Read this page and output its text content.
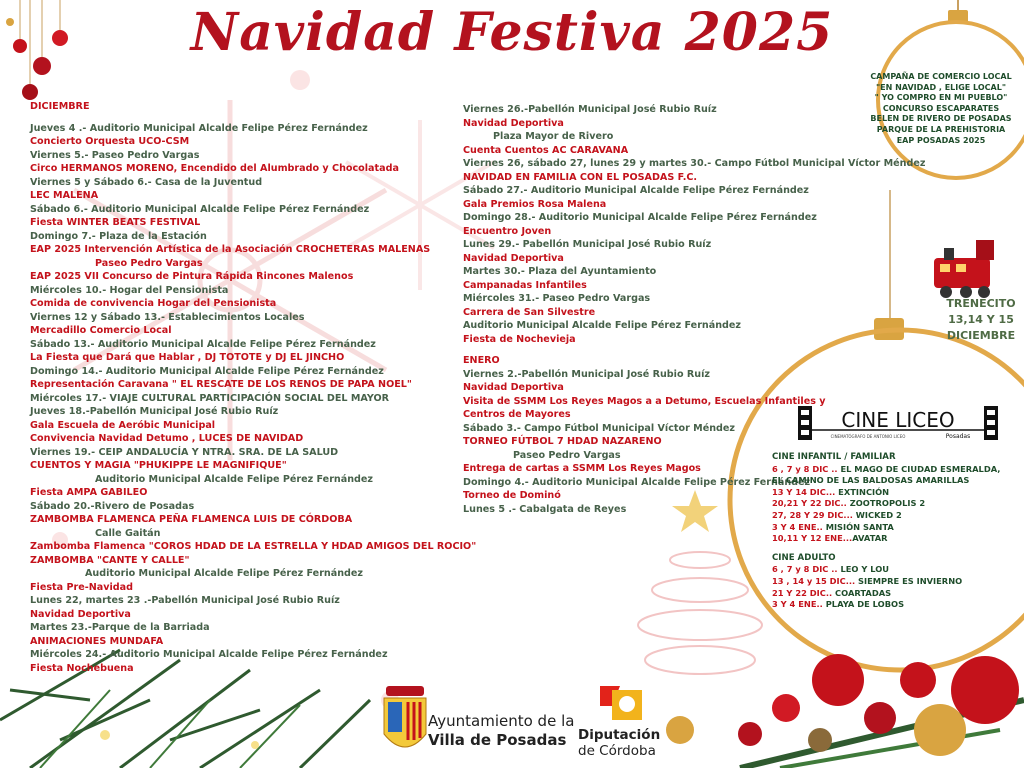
Navidad Festiva 2025
DICIEMBRE
Jueves 4 .- Auditorio Municipal Alcalde Felipe Pérez Fernández
Concierto Orquesta UCO-CSM
Viernes 5.- Paseo Pedro Vargas
Circo HERMANOS MORENO, Encendido del Alumbrado y Chocolatada
Viernes 5 y Sábado 6.- Casa de la Juventud
LEC MALENA
Sábado 6.- Auditorio Municipal Alcalde Felipe Pérez Fernández
Fiesta WINTER BEATS FESTIVAL
Domingo 7.- Plaza de la Estación
EAP 2025 Intervención Artística de la Asociación CROCHETERAS MALENAS
Paseo Pedro Vargas
EAP 2025 VII Concurso de Pintura Rápida Rincones Malenos
Miércoles 10.- Hogar del Pensionista
Comida de convivencia Hogar del Pensionista
Viernes 12 y Sábado 13.- Establecimientos Locales
Mercadillo Comercio Local
Sábado 13.- Auditorio Municipal Alcalde Felipe Pérez Fernández
La Fiesta que Dará que Hablar , DJ TOTOTE y DJ EL JINCHO
Domingo 14.- Auditorio Municipal Alcalde Felipe Pérez Fernández
Representación Caravana " EL RESCATE DE LOS RENOS DE PAPA NOEL"
Miércoles 17.- VIAJE CULTURAL PARTICIPACIÓN SOCIAL DEL MAYOR
Jueves 18.-Pabellón Municipal José Rubio Ruíz
Gala Escuela de Aeróbic Municipal
Convivencia Navidad Detumo , LUCES DE NAVIDAD
Viernes 19.- CEIP ANDALUCÍA Y NTRA. SRA. DE LA SALUD
CUENTOS Y MAGIA "PHUKIPPE LE MAGNIFIQUE"
Auditorio Municipal Alcalde Felipe Pérez Fernández
Fiesta AMPA GABILEO
Sábado 20.-Rivero de Posadas
ZAMBOMBA FLAMENCA PEÑA FLAMENCA LUIS DE CÓRDOBA
Calle Gaitán
Zambomba Flamenca "COROS HDAD DE LA ESTRELLA Y HDAD AMIGOS DEL ROCIO"
ZAMBOMBA "CANTE Y CALLE"
Auditorio Municipal Alcalde Felipe Pérez Fernández
Fiesta Pre-Navidad
Lunes 22, martes 23 .-Pabellón Municipal José Rubio Ruíz
Navidad Deportiva
Martes 23.-Parque de la Barriada
ANIMACIONES MUNDAFA
Miércoles 24.- Auditorio Municipal Alcalde Felipe Pérez Fernández
Fiesta Nochebuena
Viernes 26.-Pabellón Municipal José Rubio Ruíz
Navidad Deportiva
Plaza Mayor de Rivero
Cuenta Cuentos AC CARAVANA
Viernes 26, sábado 27, lunes 29 y martes 30.- Campo Fútbol Municipal Víctor Méndez
NAVIDAD EN FAMILIA CON EL POSADAS F.C.
Sábado 27.- Auditorio Municipal Alcalde Felipe Pérez Fernández
Gala Premios Rosa Malena
Domingo 28.- Auditorio Municipal Alcalde Felipe Pérez Fernández
Encuentro Joven
Lunes 29.- Pabellón Municipal José Rubio Ruíz
Navidad Deportiva
Martes 30.- Plaza del Ayuntamiento
Campanadas Infantiles
Miércoles 31.- Paseo Pedro Vargas
Carrera de San Silvestre
Auditorio Municipal Alcalde Felipe Pérez Fernández
Fiesta de Nochevieja
ENERO
Viernes 2.-Pabellón Municipal José Rubio Ruíz
Navidad Deportiva
Visita de SSMM Los Reyes Magos a a Detumo, Escuelas Infantiles y
Centros de Mayores
Sábado 3.- Campo Fútbol Municipal Víctor Méndez
TORNEO FÚTBOL 7 HDAD NAZARENO
Paseo Pedro Vargas
Entrega de cartas a SSMM Los Reyes Magos
Domingo 4.- Auditorio Municipal Alcalde Felipe Pérez Fernández
Torneo de Dominó
Lunes 5 .- Cabalgata de Reyes
CAMPAÑA DE COMERCIO LOCAL
"EN NAVIDAD , ELIGE LOCAL"
" YO COMPRO EN MI PUEBLO"
CONCURSO ESCAPARATES
BELEN DE RIVERO DE POSADAS
PARQUE DE LA PREHISTORIA
EAP POSADAS 2025
TRENECITO
13,14 Y 15
DICIEMBRE
CINE LICEO
CINEMATÓGRAFO DE ANTONIO LICEO	Posadas
CINE INFANTIL / FAMILIAR
6 , 7 y 8 DIC .. EL MAGO DE CIUDAD ESMERALDA,
EL CAMINO DE LAS BALDOSAS AMARILLAS
13 Y 14 DIC... EXTINCIÓN
20,21 Y 22 DIC.. ZOOTROPOLIS 2
27, 28 Y 29 DIC... WICKED 2
3 Y 4 ENE.. MISIÓN SANTA
10,11 Y 12 ENE...AVATAR
CINE ADULTO
6 , 7 y 8 DIC .. LEO Y LOU
13 , 14 y 15 DIC... SIEMPRE ES INVIERNO
21 Y 22 DIC.. COARTADAS
3 Y 4 ENE.. PLAYA DE LOBOS
Ayuntamiento de la
Villa de Posadas Diputación
de Córdoba
